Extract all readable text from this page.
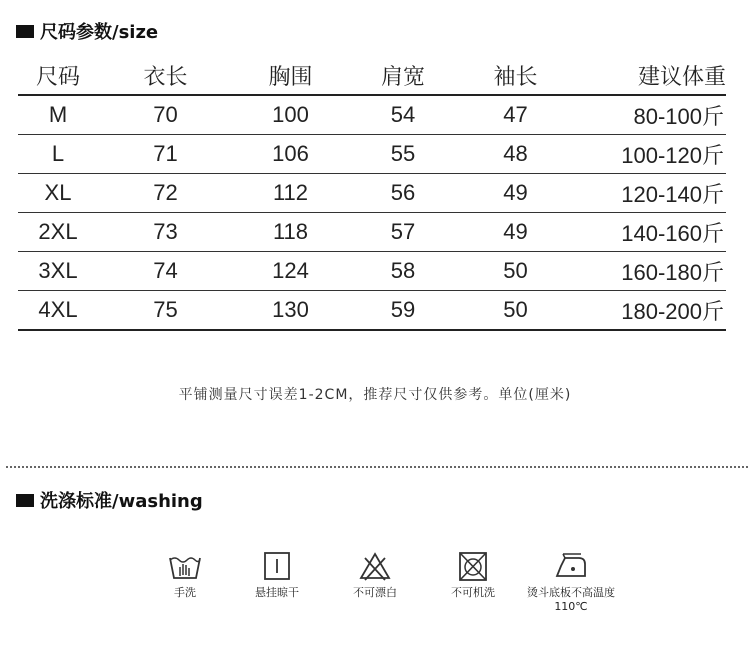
尺码参数/size
尺码	衣长	胸围	肩宽	袖长	建议体重
M	70	100	54	47	80-100斤
L	71	106	55	48	100-120斤
XL	72	112	56	49	120-140斤
2XL	73	118	57	49	140-160斤
3XL	74	124	58	50	160-180斤
4XL	75	130	59	50	180-200斤
平铺测量尺寸误差1-2CM，推荐尺寸仅供参考。单位(厘米)
洗涤标准/washing
手洗	悬挂晾干	不可漂白	不可机洗	烫斗底板不高温度110℃
